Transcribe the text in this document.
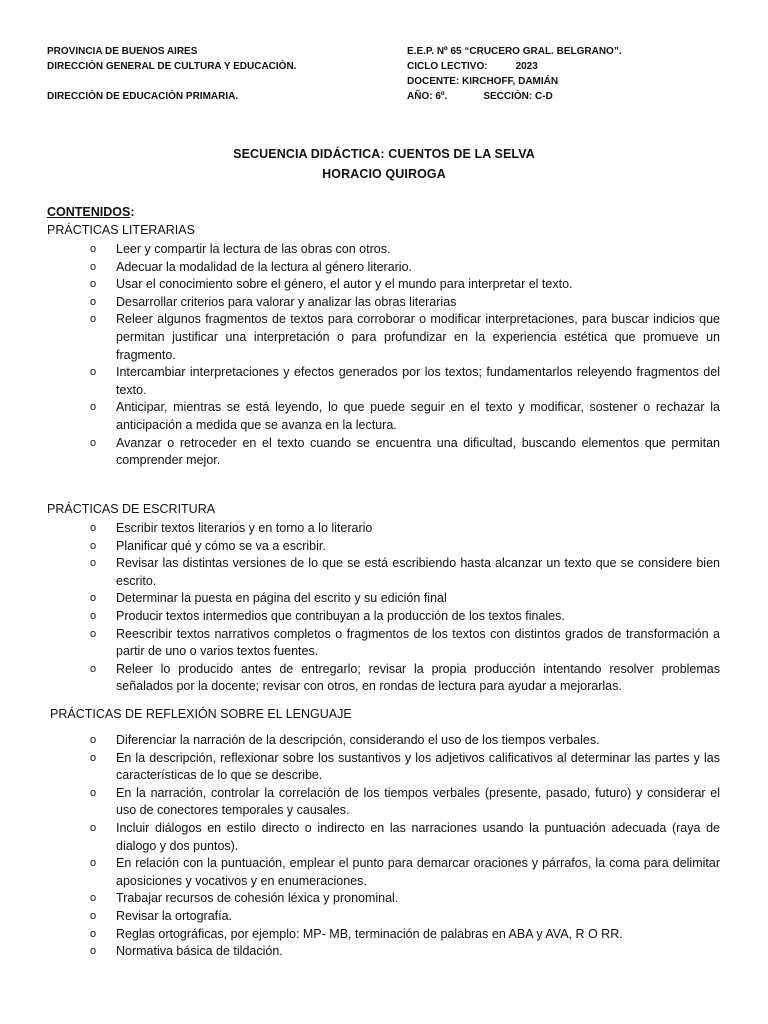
PROVINCIA DE BUENOS AIRES
DIRECCIÒN GENERAL DE CULTURA Y EDUCACIÒN.
DIRECCIÒN DE EDUCACIÒN PRIMARIA.
E.E.P. Nº 65 “CRUCERO GRAL. BELGRANO”.
CICLO LECTIVO:	2023
DOCENTE: KIRCHOFF, DAMIÁN
AÑO: 6º.	SECCIÒN: C-D
SECUENCIA DIDÁCTICA: CUENTOS DE LA SELVA
HORACIO QUIROGA
CONTENIDOS:
PRÁCTICAS LITERARIAS
o Leer y compartir la lectura de las obras con otros.
o Adecuar la modalidad de la lectura al género literario.
o Usar el conocimiento sobre el género, el autor y el mundo para interpretar el texto.
o Desarrollar criterios para valorar y analizar las obras literarias
o Releer algunos fragmentos de textos para corroborar o modificar interpretaciones, para buscar indicios que permitan justificar una interpretación o para profundizar en la experiencia estética que promueve un fragmento.
o Intercambiar interpretaciones y efectos generados por los textos; fundamentarlos releyendo fragmentos del texto.
o Anticipar, mientras se está leyendo, lo que puede seguir en el texto y modificar, sostener o rechazar la anticipación a medida que se avanza en la lectura.
o Avanzar o retroceder en el texto cuando se encuentra una dificultad, buscando elementos que permitan comprender mejor.
PRÁCTICAS DE ESCRITURA
o Escribir textos literarios y en torno a lo literario
o Planificar qué y cómo se va a escribir.
o Revisar las distintas versiones de lo que se está escribiendo hasta alcanzar un texto que se considere bien escrito.
o Determinar la puesta en página del escrito y su edición final
o Producir textos intermedios que contribuyan a la producción de los textos finales.
o Reescribir textos narrativos completos o fragmentos de los textos con distintos grados de transformación a partir de uno o varios textos fuentes.
o Releer lo producido antes de entregarlo; revisar la propia producción intentando resolver problemas señalados por la docente; revisar con otros, en rondas de lectura para ayudar a mejorarlas.
PRÁCTICAS DE REFLEXIÓN SOBRE EL LENGUAJE
o Diferenciar la narración de la descripción, considerando el uso de los tiempos verbales.
o En la descripción, reflexionar sobre los sustantivos y los adjetivos calificativos al determinar las partes y las características de lo que se describe.
o En la narración, controlar la correlación de los tiempos verbales (presente, pasado, futuro) y considerar el uso de conectores temporales y causales.
o Incluir diálogos en estilo directo o indirecto en las narraciones usando la puntuación adecuada (raya de dialogo y dos puntos).
o En relación con la puntuación, emplear el punto para demarcar oraciones y párrafos, la coma para delimitar aposiciones y vocativos y en enumeraciones.
o Trabajar recursos de cohesión léxica y pronominal.
o Revisar la ortografía.
o Reglas ortográficas, por ejemplo: MP- MB, terminación de palabras en ABA y AVA, R O RR.
o Normativa básica de tildación.
